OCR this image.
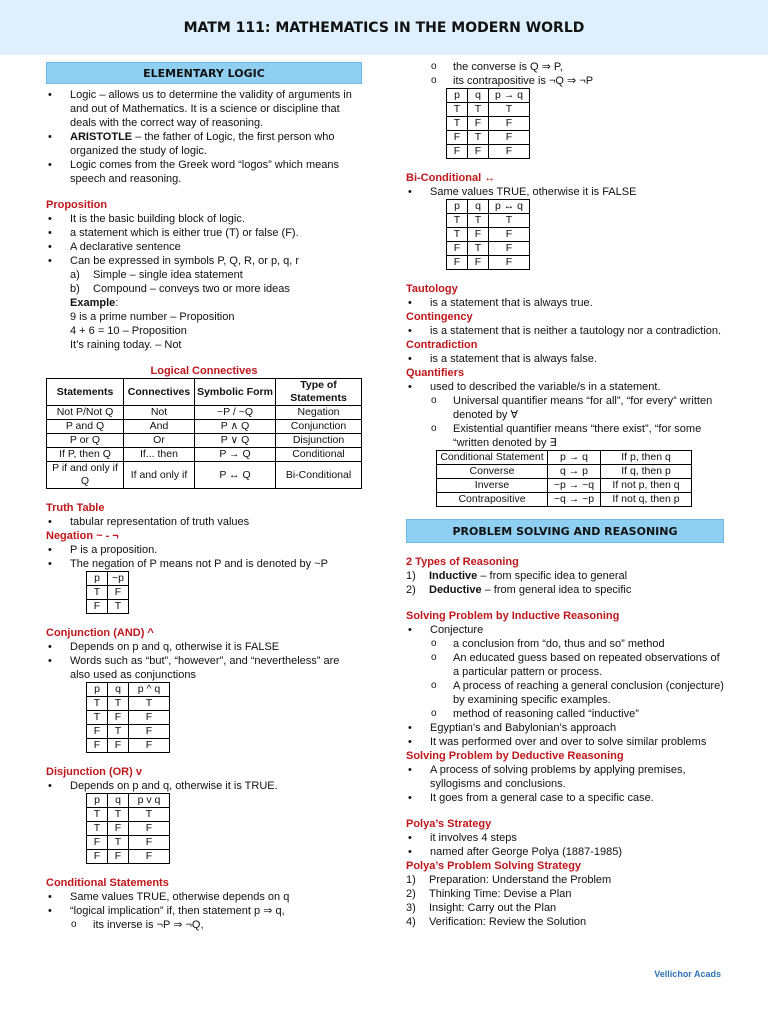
MATM 111: MATHEMATICS IN THE MODERN WORLD
ELEMENTARY LOGIC
• Logic – allows us to determine the validity of arguments in and out of Mathematics. It is a science or discipline that deals with the correct way of reasoning.
• ARISTOTLE – the father of Logic, the first person who organized the study of logic.
• Logic comes from the Greek word “logos” which means speech and reasoning.
Proposition
• It is the basic building block of logic.
• a statement which is either true (T) or false (F).
• A declarative sentence
• Can be expressed in symbols P, Q, R, or p, q, r
a)	Simple – single idea statement
b)	Compound – conveys two or more ideas
Example:
9 is a prime number – Proposition
4 + 6 = 10 – Proposition
It’s raining today. – Not
Logical Connectives
Statements	Connectives	Symbolic Form	Type of Statements
Not P/Not Q	Not	~P / ~Q	Negation
P and Q	And	P ∧ Q	Conjunction
P or Q	Or	P ∨ Q	Disjunction
If P, then Q	If... then	P → Q	Conditional
P if and only if Q	If and only if	P ↔ Q	Bi-Conditional
Truth Table
• tabular representation of truth values
Negation ~ - ¬
• P is a proposition.
• The negation of P means not P and is denoted by ~P
p	~p
T	F
F	T
Conjunction (AND) ^
• Depends on p and q, otherwise it is FALSE
• Words such as “but”, “however”, and “nevertheless” are also used as conjunctions
p	q	p ^ q
T	T	T
T	F	F
F	T	F
F	F	F
Disjunction (OR) v
• Depends on p and q, otherwise it is TRUE.
p	q	p v q
T	T	T
T	F	F
F	T	F
F	F	F
Conditional Statements
• Same values TRUE, otherwise depends on q
• “logical implication” if, then statement p ⇒ q,
o its inverse is ¬P ⇒ ¬Q,
o the converse is Q ⇒ P,
o its contrapositive is ¬Q ⇒ ¬P
p	q	p → q
T	T	T
T	F	F
F	T	F
F	F	F
Bi-Conditional ↔
• Same values TRUE, otherwise it is FALSE
p	q	p ↔ q
T	T	T
T	F	F
F	T	F
F	F	F
Tautology
• is a statement that is always true.
Contingency
• is a statement that is neither a tautology nor a contradiction.
Contradiction
• is a statement that is always false.
Quantifiers
• used to described the variable/s in a statement.
o Universal quantifier means “for all”, “for every” written denoted by ∀
o Existential quantifier means “there exist”, “for some “written denoted by ∃
Conditional Statement	p → q	If p, then q
Converse	q → p	If q, then p
Inverse	~p → ~q	If not p, then q
Contrapositive	~q → ~p	If not q, then p
PROBLEM SOLVING AND REASONING
2 Types of Reasoning
1)	Inductive – from specific idea to general
2)	Deductive – from general idea to specific
Solving Problem by Inductive Reasoning
• Conjecture
o a conclusion from “do, thus and so” method
o An educated guess based on repeated observations of a particular pattern or process.
o A process of reaching a general conclusion (conjecture) by examining specific examples.
o method of reasoning called “inductive”
• Egyptian’s and Babylonian’s approach
• It was performed over and over to solve similar problems
Solving Problem by Deductive Reasoning
• A process of solving problems by applying premises, syllogisms and conclusions.
• It goes from a general case to a specific case.
Polya’s Strategy
• it involves 4 steps
• named after George Polya (1887-1985)
Polya’s Problem Solving Strategy
1)	Preparation: Understand the Problem
2)	Thinking Time: Devise a Plan
3)	Insight: Carry out the Plan
4)	Verification: Review the Solution
Vellichor Acads
